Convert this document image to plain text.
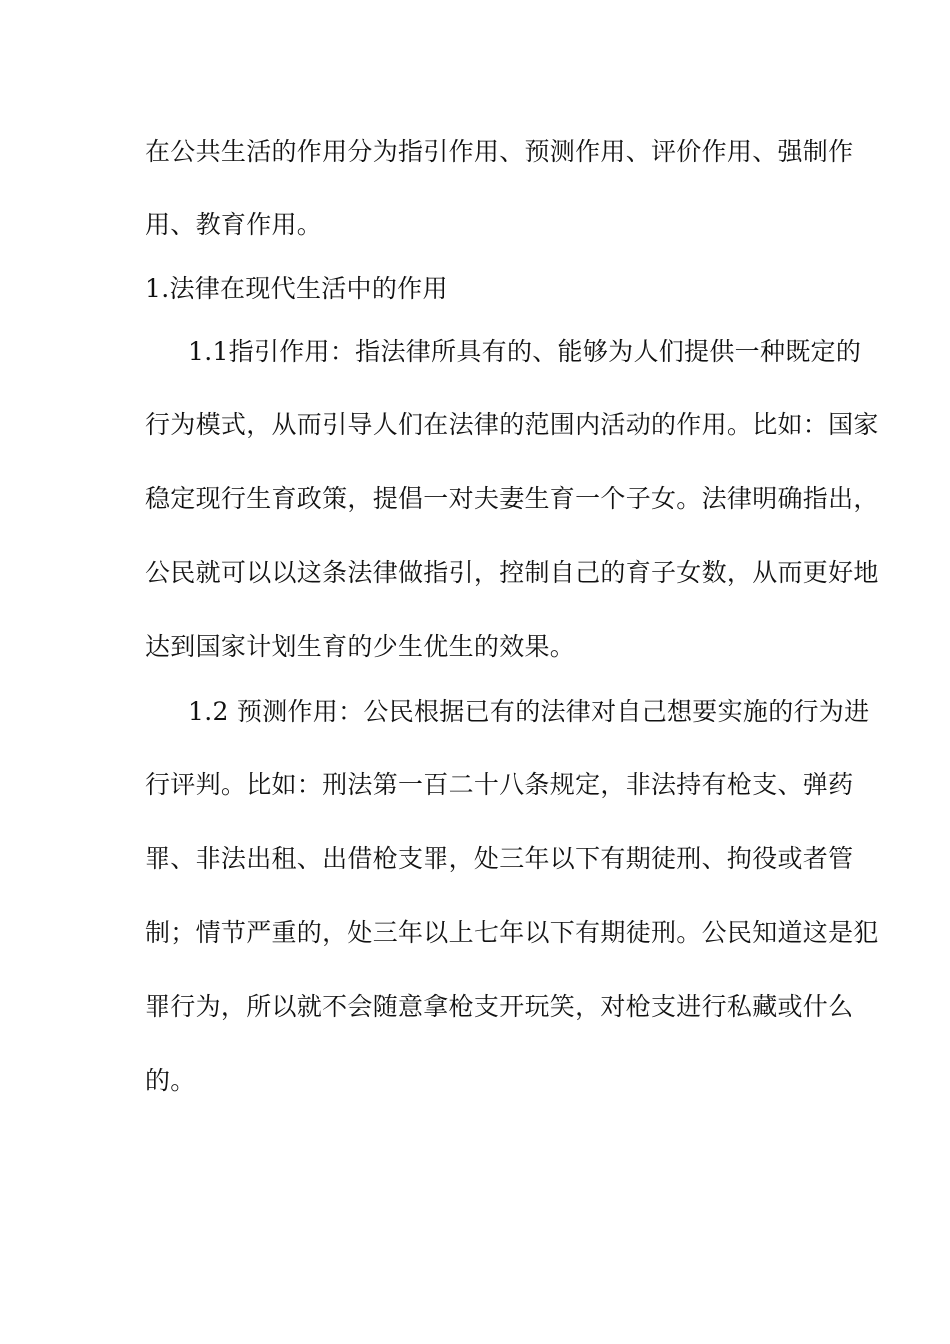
在公共生活的作用分为指引作用、预测作用、评价作用、强制作
用、教育作用。
1.法律在现代生活中的作用
1.1指引作用：指法律所具有的、能够为人们提供一种既定的
行为模式，从而引导人们在法律的范围内活动的作用。比如：国家
稳定现行生育政策，提倡一对夫妻生育一个子女。法律明确指出，
公民就可以以这条法律做指引，控制自己的育子女数，从而更好地
达到国家计划生育的少生优生的效果。
1.2 预测作用：公民根据已有的法律对自己想要实施的行为进
行评判。比如：刑法第一百二十八条规定，非法持有枪支、弹药
罪、非法出租、出借枪支罪，处三年以下有期徒刑、拘役或者管
制；情节严重的，处三年以上七年以下有期徒刑。公民知道这是犯
罪行为，所以就不会随意拿枪支开玩笑，对枪支进行私藏或什么
的。
